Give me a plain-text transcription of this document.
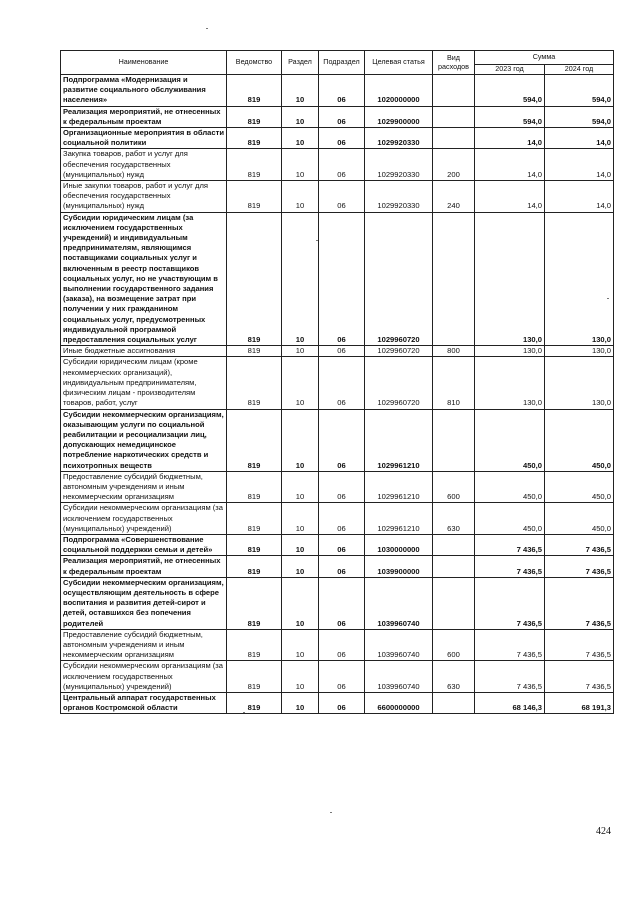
Наименование	Ведомство	Раздел	Подраздел	Целевая статья	Вид расходов	Сумма	
						2023 год	2024 год
Подпрограмма «Модернизация и развитие социального обслуживания населения»	819	10	06	1020000000		594,0	594,0
Реализация мероприятий, не отнесенных к федеральным проектам	819	10	06	1029900000		594,0	594,0
Организационные мероприятия в области социальной политики	819	10	06	1029920330		14,0	14,0
Закупка товаров, работ и услуг для обеспечения государственных (муниципальных) нужд	819	10	06	1029920330	200	14,0	14,0
Иные закупки товаров, работ и услуг для обеспечения государственных (муниципальных) нужд	819	10	06	1029920330	240	14,0	14,0
Субсидии юридическим лицам (за исключением государственных учреждений) и индивидуальным предпринимателям, являющимся поставщиками социальных услуг и включенным в реестр поставщиков социальных услуг, но не участвующим в выполнении государственного задания (заказа), на возмещение затрат при получении у них гражданином социальных услуг, предусмотренных индивидуальной программой предоставления социальных услуг	819	10	06	1029960720		130,0	130,0
Иные бюджетные ассигнования	819	10	06	1029960720	800	130,0	130,0
Субсидии юридическим лицам (кроме некоммерческих организаций), индивидуальным предпринимателям, физическим лицам - производителям товаров, работ, услуг	819	10	06	1029960720	810	130,0	130,0
Субсидии некоммерческим организациям, оказывающим услуги по социальной реабилитации и ресоциализации лиц, допускающих немедицинское потребление наркотических средств и психотропных веществ	819	10	06	1029961210		450,0	450,0
Предоставление субсидий бюджетным, автономным учреждениям и иным некоммерческим организациям	819	10	06	1029961210	600	450,0	450,0
Субсидии некоммерческим организациям (за исключением государственных (муниципальных) учреждений)	819	10	06	1029961210	630	450,0	450,0
Подпрограмма «Совершенствование социальной поддержки семьи и детей»	819	10	06	1030000000		7 436,5	7 436,5
Реализация мероприятий, не отнесенных к федеральным проектам	819	10	06	1039900000		7 436,5	7 436,5
Субсидии некоммерческим организациям, осуществляющим деятельность в сфере воспитания и развития детей-сирот и детей, оставшихся без попечения родителей	819	10	06	1039960740		7 436,5	7 436,5
Предоставление субсидий бюджетным, автономным учреждениям и иным некоммерческим организациям	819	10	06	1039960740	600	7 436,5	7 436,5
Субсидии некоммерческим организациям (за исключением государственных (муниципальных) учреждений)	819	10	06	1039960740	630	7 436,5	7 436,5
Центральный аппарат государственных органов Костромской области	819	10	06	6600000000		68 146,3	68 191,3
424
